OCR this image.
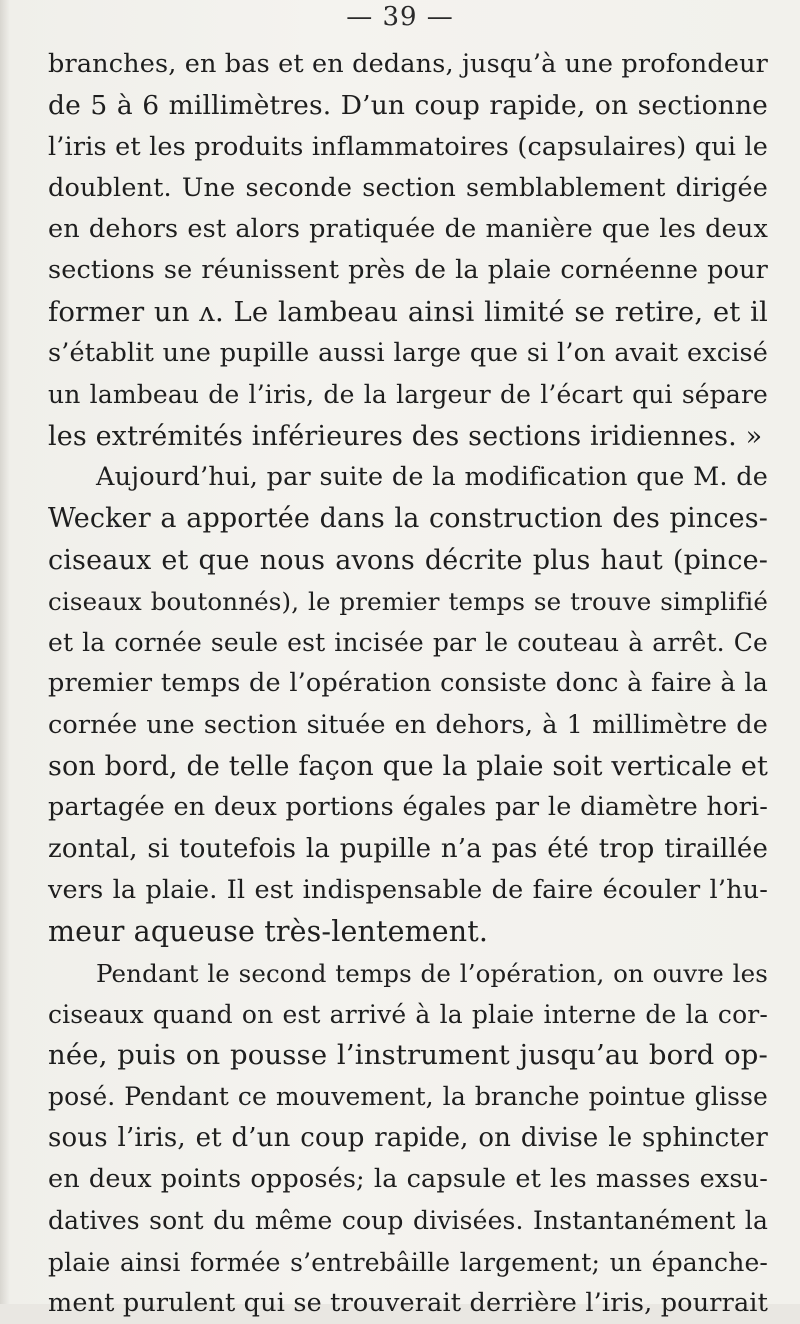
— 39 —

branches, en bas et en dedans, jusqu’à une profondeur
de 5 à 6 millimètres. D’un coup rapide, on sectionne
l’iris et les produits inflammatoires (capsulaires) qui le
doublent. Une seconde section semblablement dirigée
en dehors est alors pratiquée de manière que les deux
sections se réunissent près de la plaie cornéenne pour
former un ʌ. Le lambeau ainsi limité se retire, et il
s’établit une pupille aussi large que si l’on avait excisé
un lambeau de l’iris, de la largeur de l’écart qui sépare
les extrémités inférieures des sections iridiennes. »
Aujourd’hui, par suite de la modification que M. de
Wecker a apportée dans la construction des pinces-
ciseaux et que nous avons décrite plus haut (pince-
ciseaux boutonnés), le premier temps se trouve simplifié
et la cornée seule est incisée par le couteau à arrêt. Ce
premier temps de l’opération consiste donc à faire à la
cornée une section située en dehors, à 1 millimètre de
son bord, de telle façon que la plaie soit verticale et
partagée en deux portions égales par le diamètre hori-
zontal, si toutefois la pupille n’a pas été trop tiraillée
vers la plaie. Il est indispensable de faire écouler l’hu-
meur aqueuse très-lentement.
Pendant le second temps de l’opération, on ouvre les
ciseaux quand on est arrivé à la plaie interne de la cor-
née, puis on pousse l’instrument jusqu’au bord op-
posé. Pendant ce mouvement, la branche pointue glisse
sous l’iris, et d’un coup rapide, on divise le sphincter
en deux points opposés; la capsule et les masses exsu-
datives sont du même coup divisées. Instantanément la
plaie ainsi formée s’entrebâille largement; un épanche-
ment purulent qui se trouverait derrière l’iris, pourrait
